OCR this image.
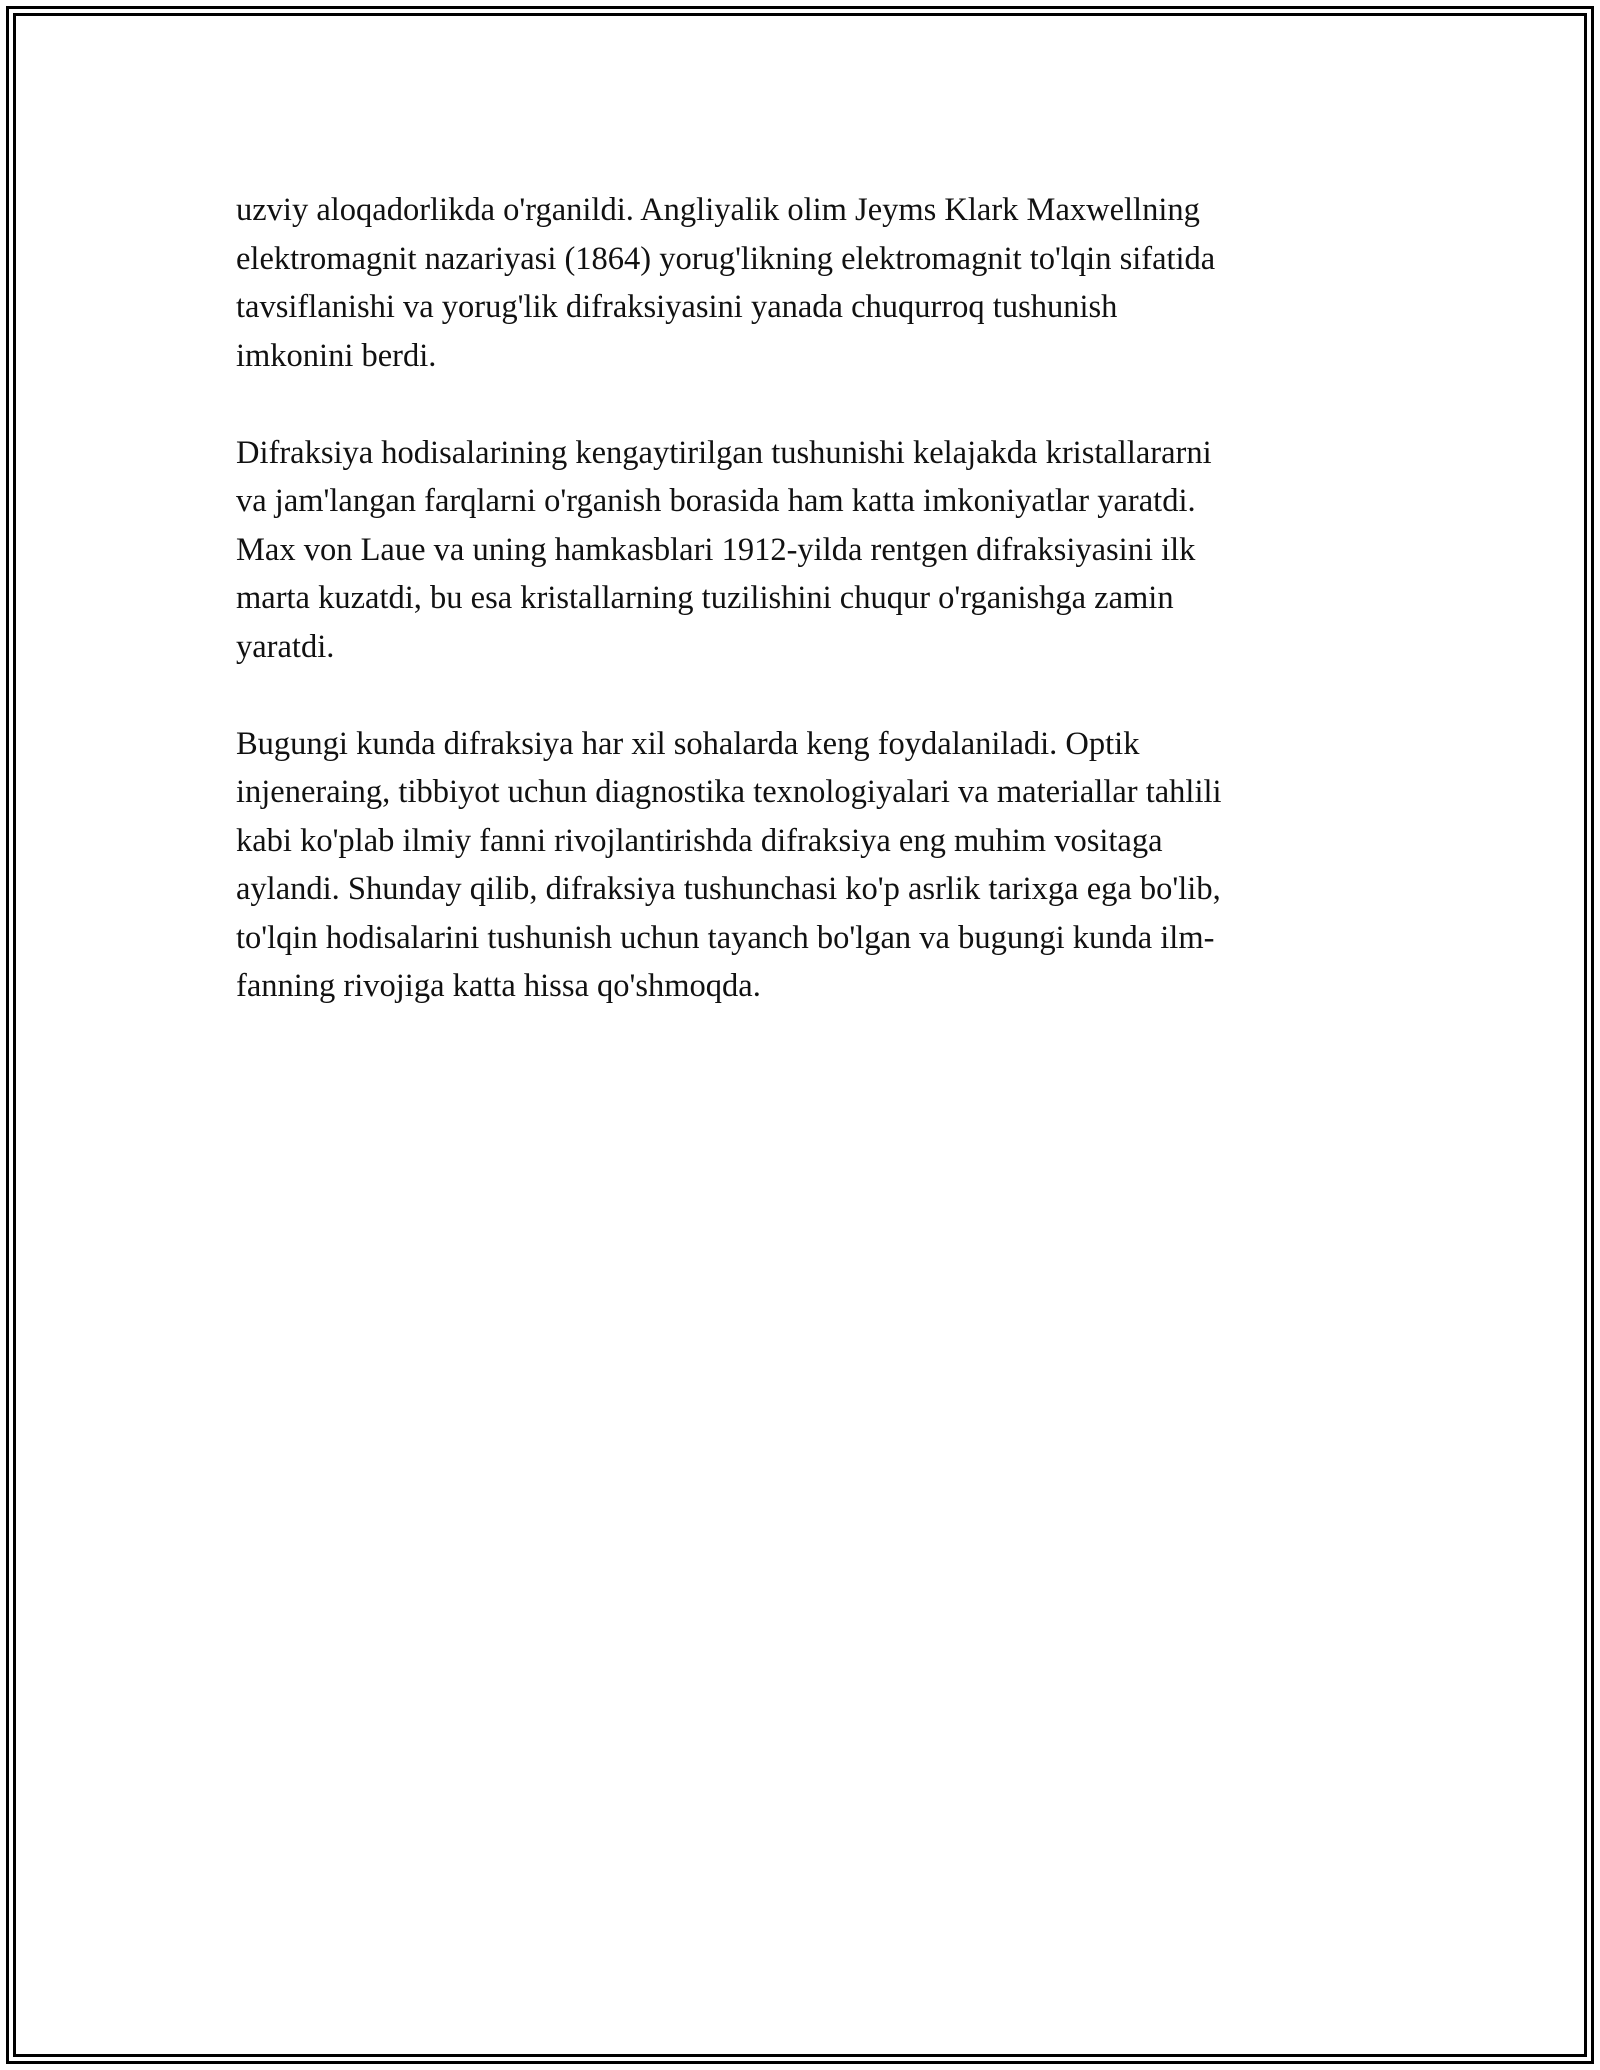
uzviy aloqadorlikda o'rganildi. Angliyalik olim Jeyms Klark Maxwellning
elektromagnit nazariyasi (1864) yorug'likning elektromagnit to'lqin sifatida
tavsiflanishi va yorug'lik difraksiyasini yanada chuqurroq tushunish
imkonini berdi.

Difraksiya hodisalarining kengaytirilgan tushunishi kelajakda kristallararni
va jam'langan farqlarni o'rganish borasida ham katta imkoniyatlar yaratdi.
Max von Laue va uning hamkasblari 1912-yilda rentgen difraksiyasini ilk
marta kuzatdi, bu esa kristallarning tuzilishini chuqur o'rganishga zamin
yaratdi.

Bugungi kunda difraksiya har xil sohalarda keng foydalaniladi. Optik
injeneraing, tibbiyot uchun diagnostika texnologiyalari va materiallar tahlili
kabi ko'plab ilmiy fanni rivojlantirishda difraksiya eng muhim vositaga
aylandi. Shunday qilib, difraksiya tushunchasi ko'p asrlik tarixga ega bo'lib,
to'lqin hodisalarini tushunish uchun tayanch bo'lgan va bugungi kunda ilm-
fanning rivojiga katta hissa qo'shmoqda.
